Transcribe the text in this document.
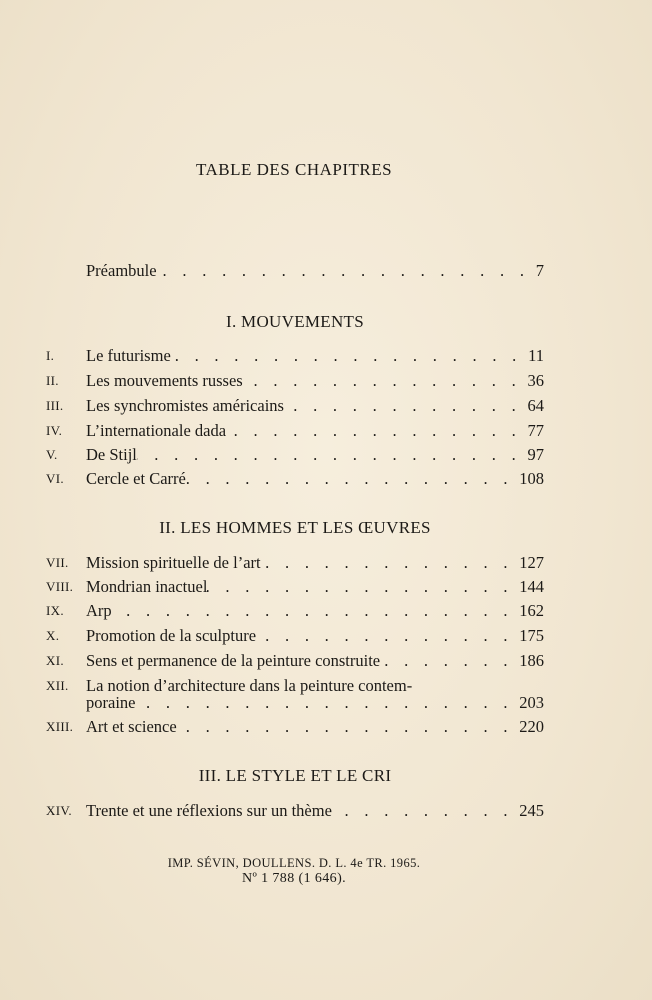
TABLE DES CHAPITRES
Préambule . . .	7
I. MOUVEMENTS
I.	Le futurisme . . .	11
II.	Les mouvements russes . . .	36
III.	Les synchromistes américains . . .	64
IV.	L’internationale dada . . .	77
V.	De Stijl . . .	97
VI.	Cercle et Carré . . .	108
II. LES HOMMES ET LES ŒUVRES
VII.	Mission spirituelle de l’art . . .	127
VIII. Mondrian inactuel . . .	144
IX.	Arp . . .	162
X.	Promotion de la sculpture . . .	175
XI.	Sens et permanence de la peinture construite . . .	186
XII.	La notion d’architecture dans la peinture contem-
poraine . . .	203
XIII. Art et science . . .	220
III. LE STYLE ET LE CRI
XIV. Trente et une réflexions sur un thème . . .	245
IMP. SÉVIN, DOULLENS. D. L. 4e TR. 1965.
Nº 1 788 (1 646).
